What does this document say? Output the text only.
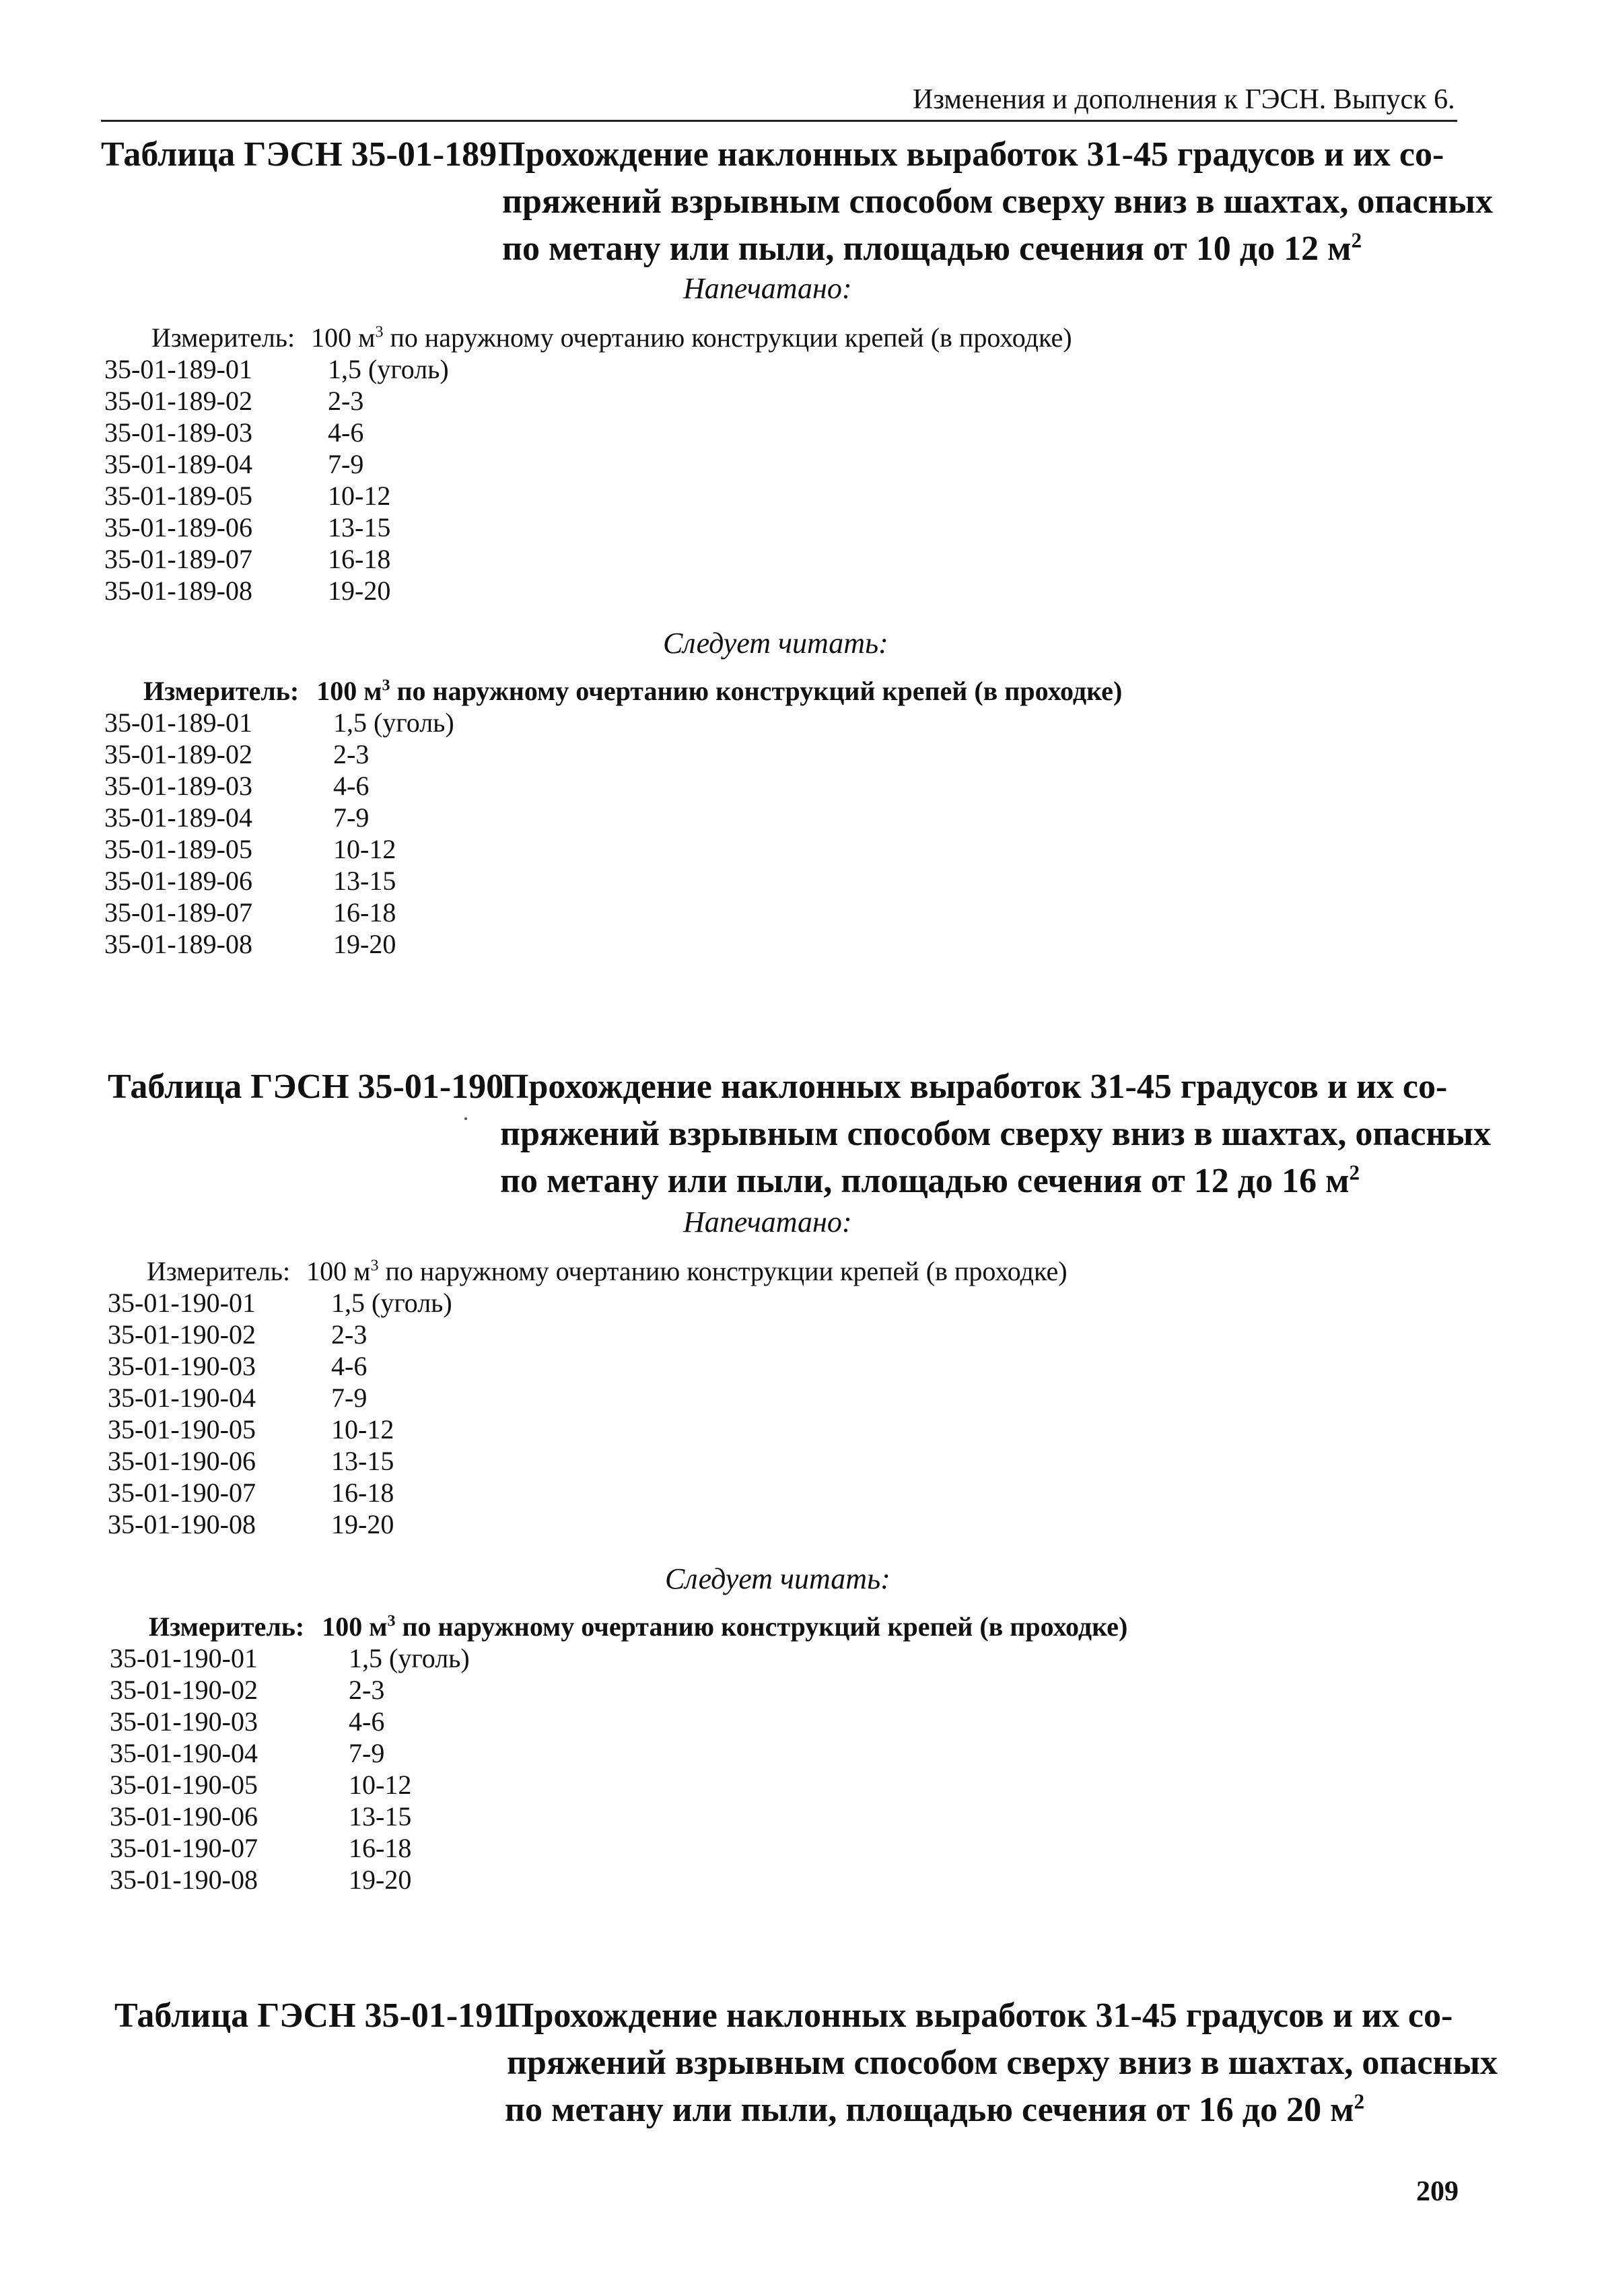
Изменения и дополнения к ГЭСН. Выпуск 6.
Таблица ГЭСН 35-01-189Прохождение наклонных выработок 31-45 градусов и их со-
пряжений взрывным способом сверху вниз в шахтах, опасных
по метану или пыли, площадью сечения от 10 до 12 $м^2$
Напечатано:
Измеритель: 100 $м^3$ по наружному очертанию конструкции крепей (в проходке)
35-01-189-01	1,5 (уголь)
35-01-189-02	2-3
35-01-189-03	4-6
35-01-189-04	7-9
35-01-189-05	10-12
35-01-189-06	13-15
35-01-189-07	16-18
35-01-189-08	19-20
Следует читать:
Измеритель: 100 $м^3$ по наружному очертанию конструкций крепей (в проходке)
35-01-189-01	1,5 (уголь)
35-01-189-02	2-3
35-01-189-03	4-6
35-01-189-04	7-9
35-01-189-05	10-12
35-01-189-06	13-15
35-01-189-07	16-18
35-01-189-08	19-20
Таблица ГЭСН 35-01-190Прохождение наклонных выработок 31-45 градусов и их со-
пряжений взрывным способом сверху вниз в шахтах, опасных
по метану или пыли, площадью сечения от 12 до 16 $м^2$
Напечатано:
Измеритель: 100 $м^3$ по наружному очертанию конструкции крепей (в проходке)
35-01-190-01	1,5 (уголь)
35-01-190-02	2-3
35-01-190-03	4-6
35-01-190-04	7-9
35-01-190-05	10-12
35-01-190-06	13-15
35-01-190-07	16-18
35-01-190-08	19-20
Следует читать:
Измеритель: 100 $м^3$ по наружному очертанию конструкций крепей (в проходке)
35-01-190-01	1,5 (уголь)
35-01-190-02	2-3
35-01-190-03	4-6
35-01-190-04	7-9
35-01-190-05	10-12
35-01-190-06	13-15
35-01-190-07	16-18
35-01-190-08	19-20
Таблица ГЭСН 35-01-191Прохождение наклонных выработок 31-45 градусов и их со-
пряжений взрывным способом сверху вниз в шахтах, опасных
по метану или пыли, площадью сечения от 16 до 20 $м^2$
209
